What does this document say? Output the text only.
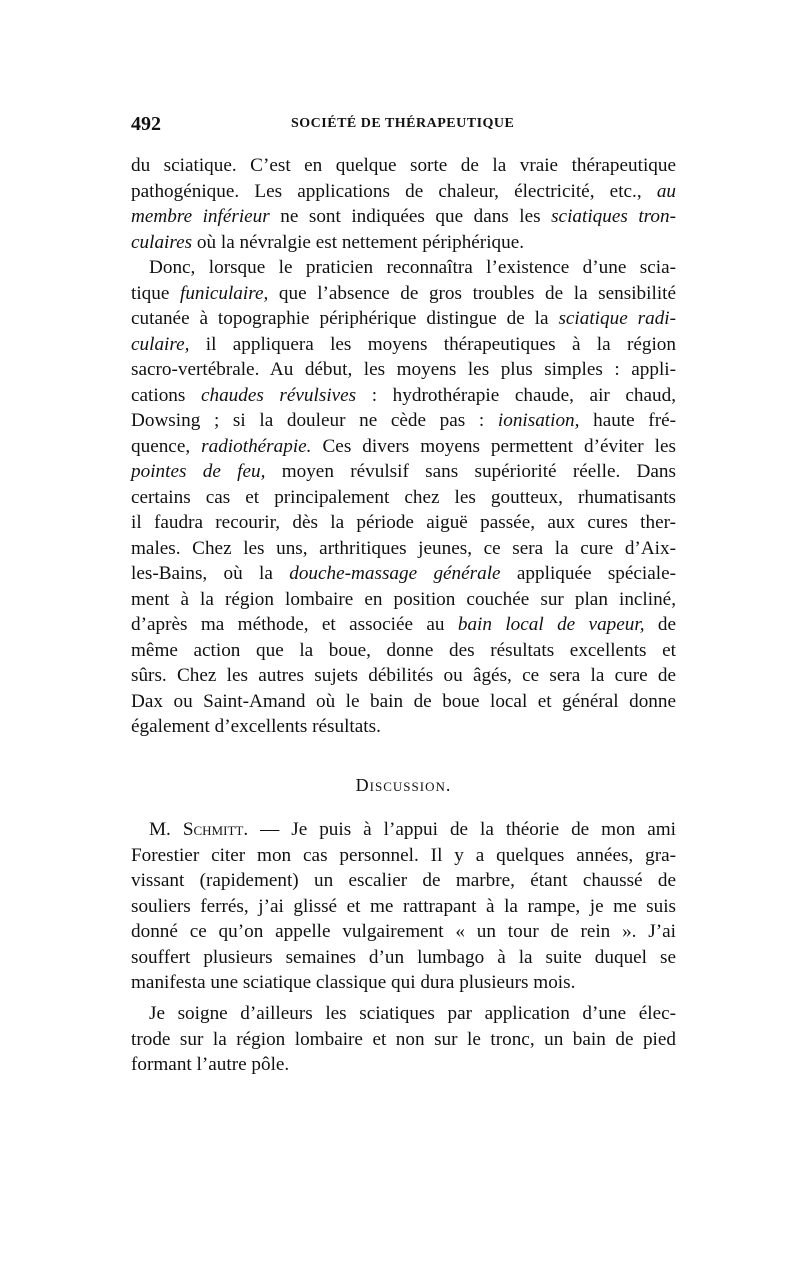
492	SOCIÉTÉ DE THÉRAPEUTIQUE
du sciatique. C’est en quelque sorte de la vraie thérapeutique
pathogénique. Les applications de chaleur, électricité, etc., au
membre inférieur ne sont indiquées que dans les sciatiques tron-
culaires où la névralgie est nettement périphérique.
Donc, lorsque le praticien reconnaîtra l’existence d’une scia-
tique funiculaire, que l’absence de gros troubles de la sensibilité
cutanée à topographie périphérique distingue de la sciatique radi-
culaire, il appliquera les moyens thérapeutiques à la région
sacro-vertébrale. Au début, les moyens les plus simples : appli-
cations chaudes révulsives : hydrothérapie chaude, air chaud,
Dowsing ; si la douleur ne cède pas : ionisation, haute fré-
quence, radiothérapie. Ces divers moyens permettent d’éviter les
pointes de feu, moyen révulsif sans supériorité réelle. Dans
certains cas et principalement chez les goutteux, rhumatisants
il faudra recourir, dès la période aiguë passée, aux cures ther-
males. Chez les uns, arthritiques jeunes, ce sera la cure d’Aix-
les-Bains, où la douche-massage générale appliquée spéciale-
ment à la région lombaire en position couchée sur plan incliné,
d’après ma méthode, et associée au bain local de vapeur, de
même action que la boue, donne des résultats excellents et
sûrs. Chez les autres sujets débilités ou âgés, ce sera la cure de
Dax ou Saint-Amand où le bain de boue local et général donne
également d’excellents résultats.
Discussion.
M. Schmitt. — Je puis à l’appui de la théorie de mon ami
Forestier citer mon cas personnel. Il y a quelques années, gra-
vissant (rapidement) un escalier de marbre, étant chaussé de
souliers ferrés, j’ai glissé et me rattrapant à la rampe, je me suis
donné ce qu’on appelle vulgairement « un tour de rein ». J’ai
souffert plusieurs semaines d’un lumbago à la suite duquel se
manifesta une sciatique classique qui dura plusieurs mois.
Je soigne d’ailleurs les sciatiques par application d’une élec-
trode sur la région lombaire et non sur le tronc, un bain de pied
formant l’autre pôle.
